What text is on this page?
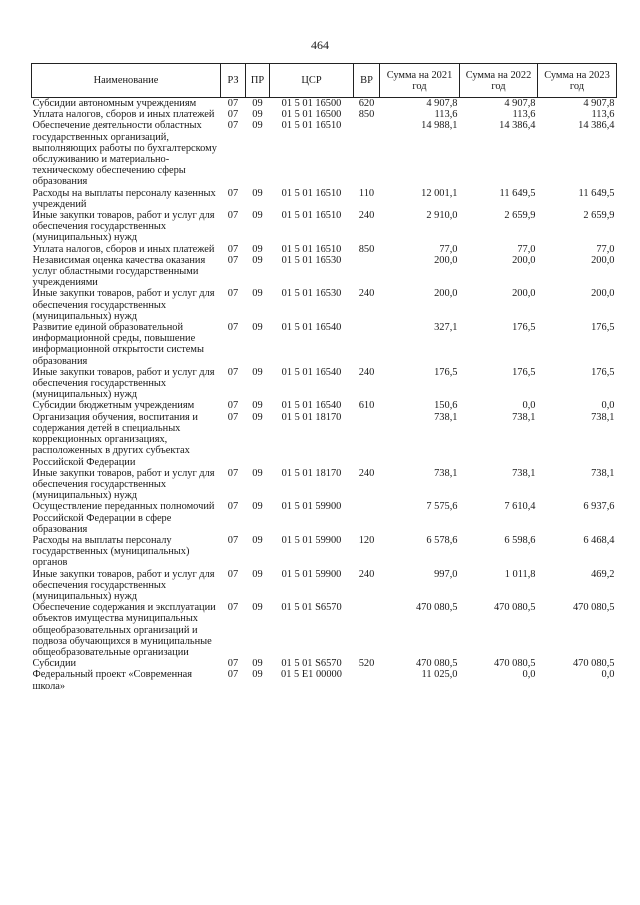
464
Наименование	РЗ	ПР	ЦСР	ВР	Сумма на 2021 год	Сумма на 2022 год	Сумма на 2023 год
Субсидии автономным учреждениям	07	09	01 5 01 16500	620	4 907,8	4 907,8	4 907,8
Уплата налогов, сборов и иных платежей	07	09	01 5 01 16500	850	113,6	113,6	113,6
Обеспечение деятельности областных государственных организаций, выполняющих работы по бухгалтерскому обслуживанию и материально-техническому обеспечению сферы образования	07	09	01 5 01 16510		14 988,1	14 386,4	14 386,4
Расходы на выплаты персоналу казенных учреждений	07	09	01 5 01 16510	110	12 001,1	11 649,5	11 649,5
Иные закупки товаров, работ и услуг для обеспечения государственных (муниципальных) нужд	07	09	01 5 01 16510	240	2 910,0	2 659,9	2 659,9
Уплата налогов, сборов и иных платежей	07	09	01 5 01 16510	850	77,0	77,0	77,0
Независимая оценка качества оказания услуг областными государственными учреждениями	07	09	01 5 01 16530		200,0	200,0	200,0
Иные закупки товаров, работ и услуг для обеспечения государственных (муниципальных) нужд	07	09	01 5 01 16530	240	200,0	200,0	200,0
Развитие единой образовательной информационной среды, повышение информационной открытости системы образования	07	09	01 5 01 16540		327,1	176,5	176,5
Иные закупки товаров, работ и услуг для обеспечения государственных (муниципальных) нужд	07	09	01 5 01 16540	240	176,5	176,5	176,5
Субсидии бюджетным учреждениям	07	09	01 5 01 16540	610	150,6	0,0	0,0
Организация обучения, воспитания и содержания детей в специальных коррекционных организациях, расположенных в других субъектах Российской Федерации	07	09	01 5 01 18170		738,1	738,1	738,1
Иные закупки товаров, работ и услуг для обеспечения государственных (муниципальных) нужд	07	09	01 5 01 18170	240	738,1	738,1	738,1
Осуществление переданных полномочий Российской Федерации в сфере образования	07	09	01 5 01 59900		7 575,6	7 610,4	6 937,6
Расходы на выплаты персоналу государственных (муниципальных) органов	07	09	01 5 01 59900	120	6 578,6	6 598,6	6 468,4
Иные закупки товаров, работ и услуг для обеспечения государственных (муниципальных) нужд	07	09	01 5 01 59900	240	997,0	1 011,8	469,2
Обеспечение содержания и эксплуатации объектов имущества муниципальных общеобразовательных организаций и подвоза обучающихся в муниципальные общеобразовательные организации	07	09	01 5 01 S6570		470 080,5	470 080,5	470 080,5
Субсидии	07	09	01 5 01 S6570	520	470 080,5	470 080,5	470 080,5
Федеральный проект «Современная школа»	07	09	01 5 E1 00000		11 025,0	0,0	0,0
